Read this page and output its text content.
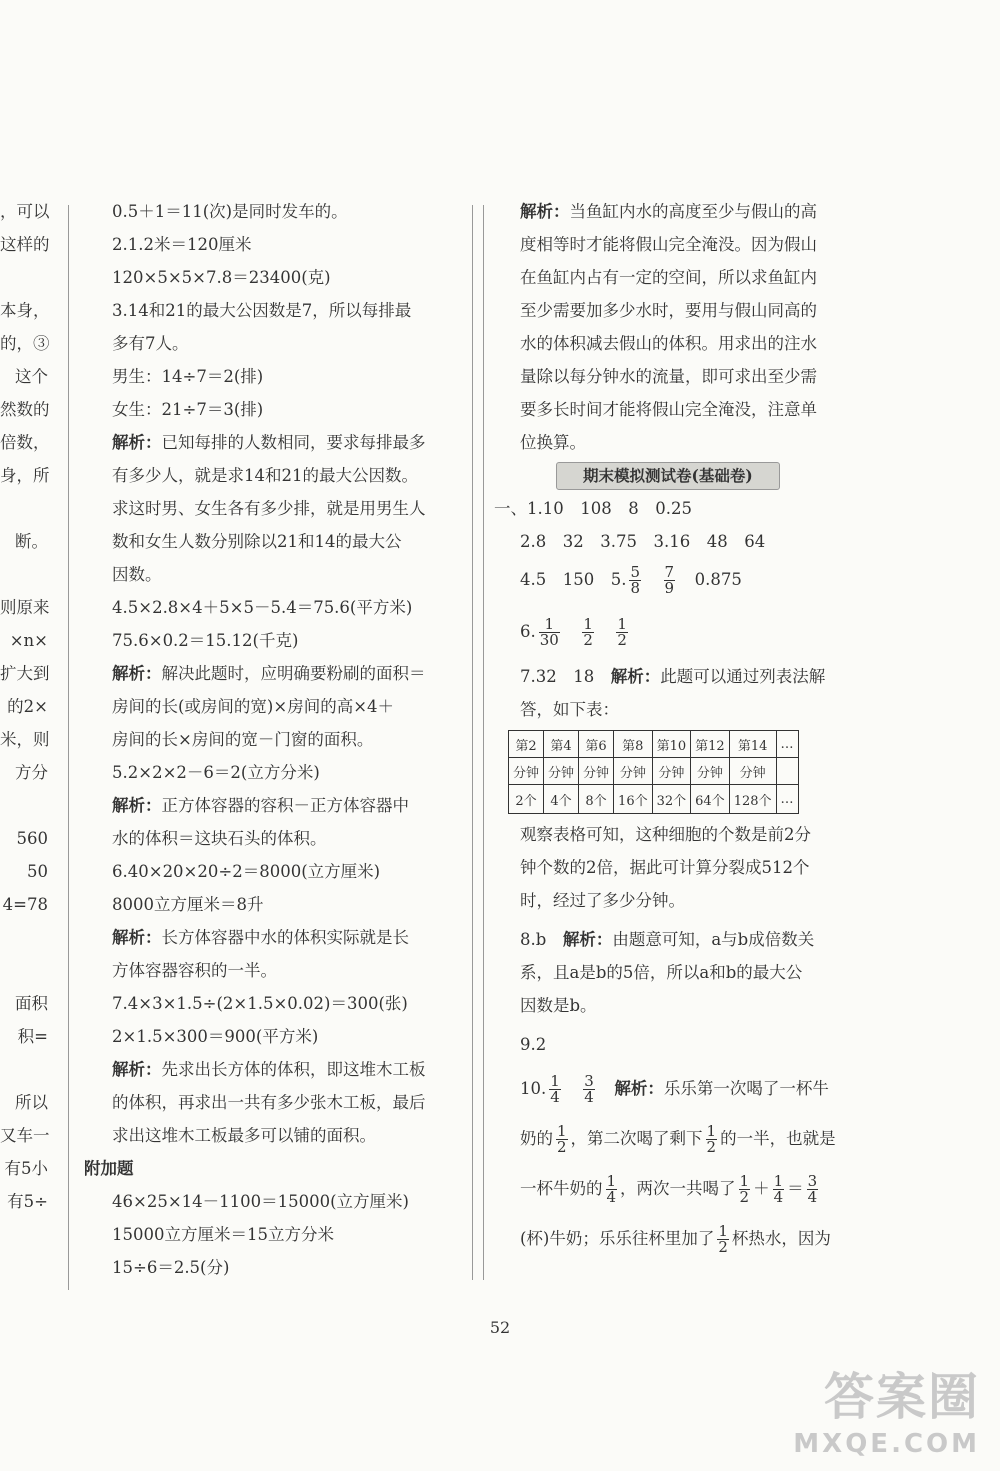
，可以
这样的
本身，
的，③
这个
然数的
倍数，
身，所
断。
则原来
×n×
扩大到
的2×
米，则
方分
560
50
4=78
面积
积=
所以
又车一
有5小
有5÷
0.5＋1＝11(次)是同时发车的。
2.1.2米＝120厘米
120×5×5×7.8＝23400(克)
3.14和21的最大公因数是7，所以每排最
多有7人。
男生：14÷7＝2(排)
女生：21÷7＝3(排)
解析：已知每排的人数相同，要求每排最多
有多少人，就是求14和21的最大公因数。
求这时男、女生各有多少排，就是用男生人
数和女生人数分别除以21和14的最大公
因数。
4.5×2.8×4＋5×5－5.4＝75.6(平方米)
75.6×0.2＝15.12(千克)
解析：解决此题时，应明确要粉刷的面积＝
房间的长(或房间的宽)×房间的高×4＋
房间的长×房间的宽－门窗的面积。
5.2×2×2－6＝2(立方分米)
解析：正方体容器的容积－正方体容器中
水的体积＝这块石头的体积。
6.40×20×20÷2＝8000(立方厘米)
8000立方厘米＝8升
解析：长方体容器中水的体积实际就是长
方体容器容积的一半。
7.4×3×1.5÷(2×1.5×0.02)＝300(张)
2×1.5×300＝900(平方米)
解析：先求出长方体的体积，即这堆木工板
的体积，再求出一共有多少张木工板，最后
求出这堆木工板最多可以铺的面积。
附加题
46×25×14－1100＝15000(立方厘米)
15000立方厘米＝15立方分米
15÷6＝2.5(分)
解析：当鱼缸内水的高度至少与假山的高
度相等时才能将假山完全淹没。因为假山
在鱼缸内占有一定的空间，所以求鱼缸内
至少需要加多少水时，要用与假山同高的
水的体积减去假山的体积。用求出的注水
量除以每分钟水的流量，即可求出至少需
要多长时间才能将假山完全淹没，注意单
位换算。
期末模拟测试卷(基础卷)
一、1.10　108　8　0.25
2.8　32　3.75　3.16　48　64
4.5　150　5. $\frac{5}{8}$
　 $\frac{7}{9}$
　 0.875
6. $\frac{1}{30}$
　 $\frac{1}{2}$
　 $\frac{1}{2}$
7.32　18　解析：此题可以通过列表法解
答，如下表：
第2	第4	第6	第8	第10	第12	第14	…
分钟	分钟	分钟	分钟	分钟	分钟	分钟	
2个	4个	8个	16个	32个	64个	128个	…
观察表格可知，这种细胞的个数是前2分
钟个数的2倍，据此可计算分裂成512个
时，经过了多少分钟。
8.b　解析：由题意可知，a与b成倍数关
系，且a是b的5倍，所以a和b的最大公
因数是b。
9.2
10. $\frac{1}{4}$
　 $\frac{3}{4}$
　 解析：乐乐第一次喝了一杯牛
奶的 $\frac{1}{2}$ ，第二次喝了剩下 $\frac{1}{2}$ 的一半，也就是
一杯牛奶的 $\frac{1}{4}$ ，两次一共喝了 $\frac{1}{2} + \frac{1}{4} = \frac{3}{4}$
(杯)牛奶；乐乐往杯里加了 $\frac{1}{2}$ 杯热水，因为
52
答案圈
MXQE.COM
